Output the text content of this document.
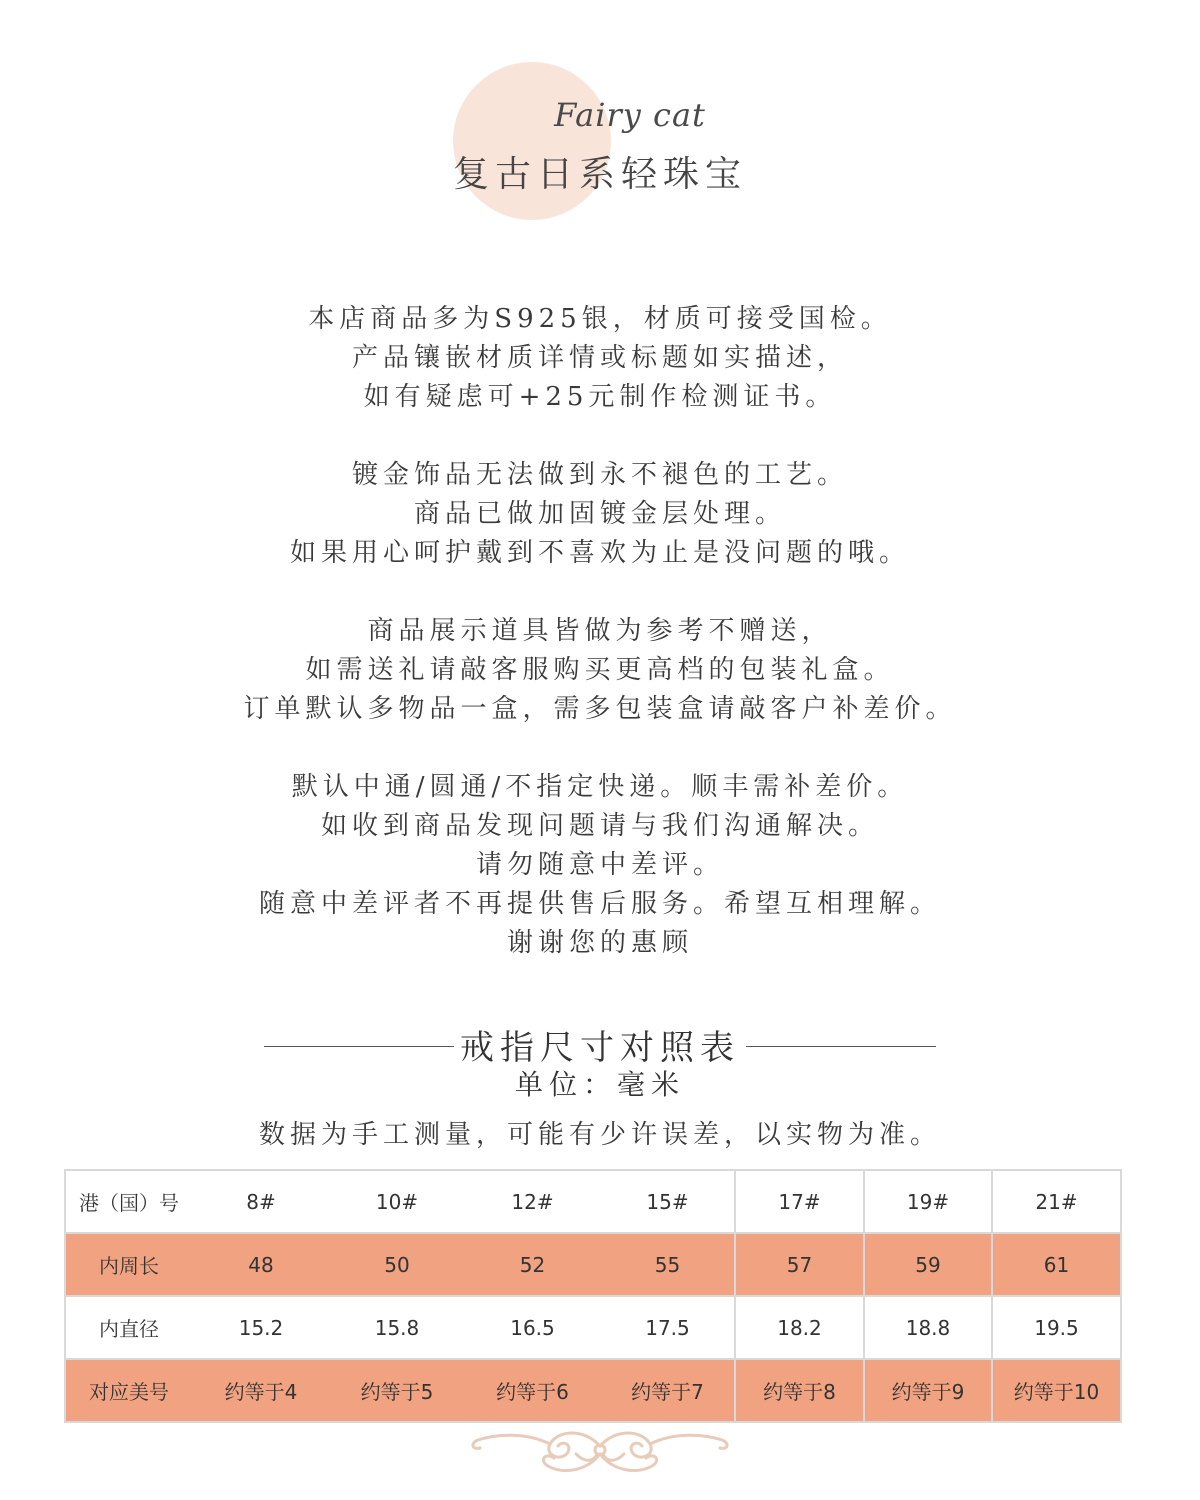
Fairy cat
复古日系轻珠宝
本店商品多为S925银，材质可接受国检。
产品镶嵌材质详情或标题如实描述，
如有疑虑可+25元制作检测证书。
镀金饰品无法做到永不褪色的工艺。
商品已做加固镀金层处理。
如果用心呵护戴到不喜欢为止是没问题的哦。
商品展示道具皆做为参考不赠送，
如需送礼请敲客服购买更高档的包装礼盒。
订单默认多物品一盒，需多包装盒请敲客户补差价。
默认中通/圆通/不指定快递。顺丰需补差价。
如收到商品发现问题请与我们沟通解决。
请勿随意中差评。
随意中差评者不再提供售后服务。希望互相理解。
谢谢您的惠顾
戒指尺寸对照表
单位：毫米
数据为手工测量，可能有少许误差，以实物为准。
港（国）号	8#	10#	12#	15#	17#	19#	21#
内周长	48	50	52	55	57	59	61
内直径	15.2	15.8	16.5	17.5	18.2	18.8	19.5
对应美号	约等于4	约等于5	约等于6	约等于7	约等于8	约等于9	约等于10
